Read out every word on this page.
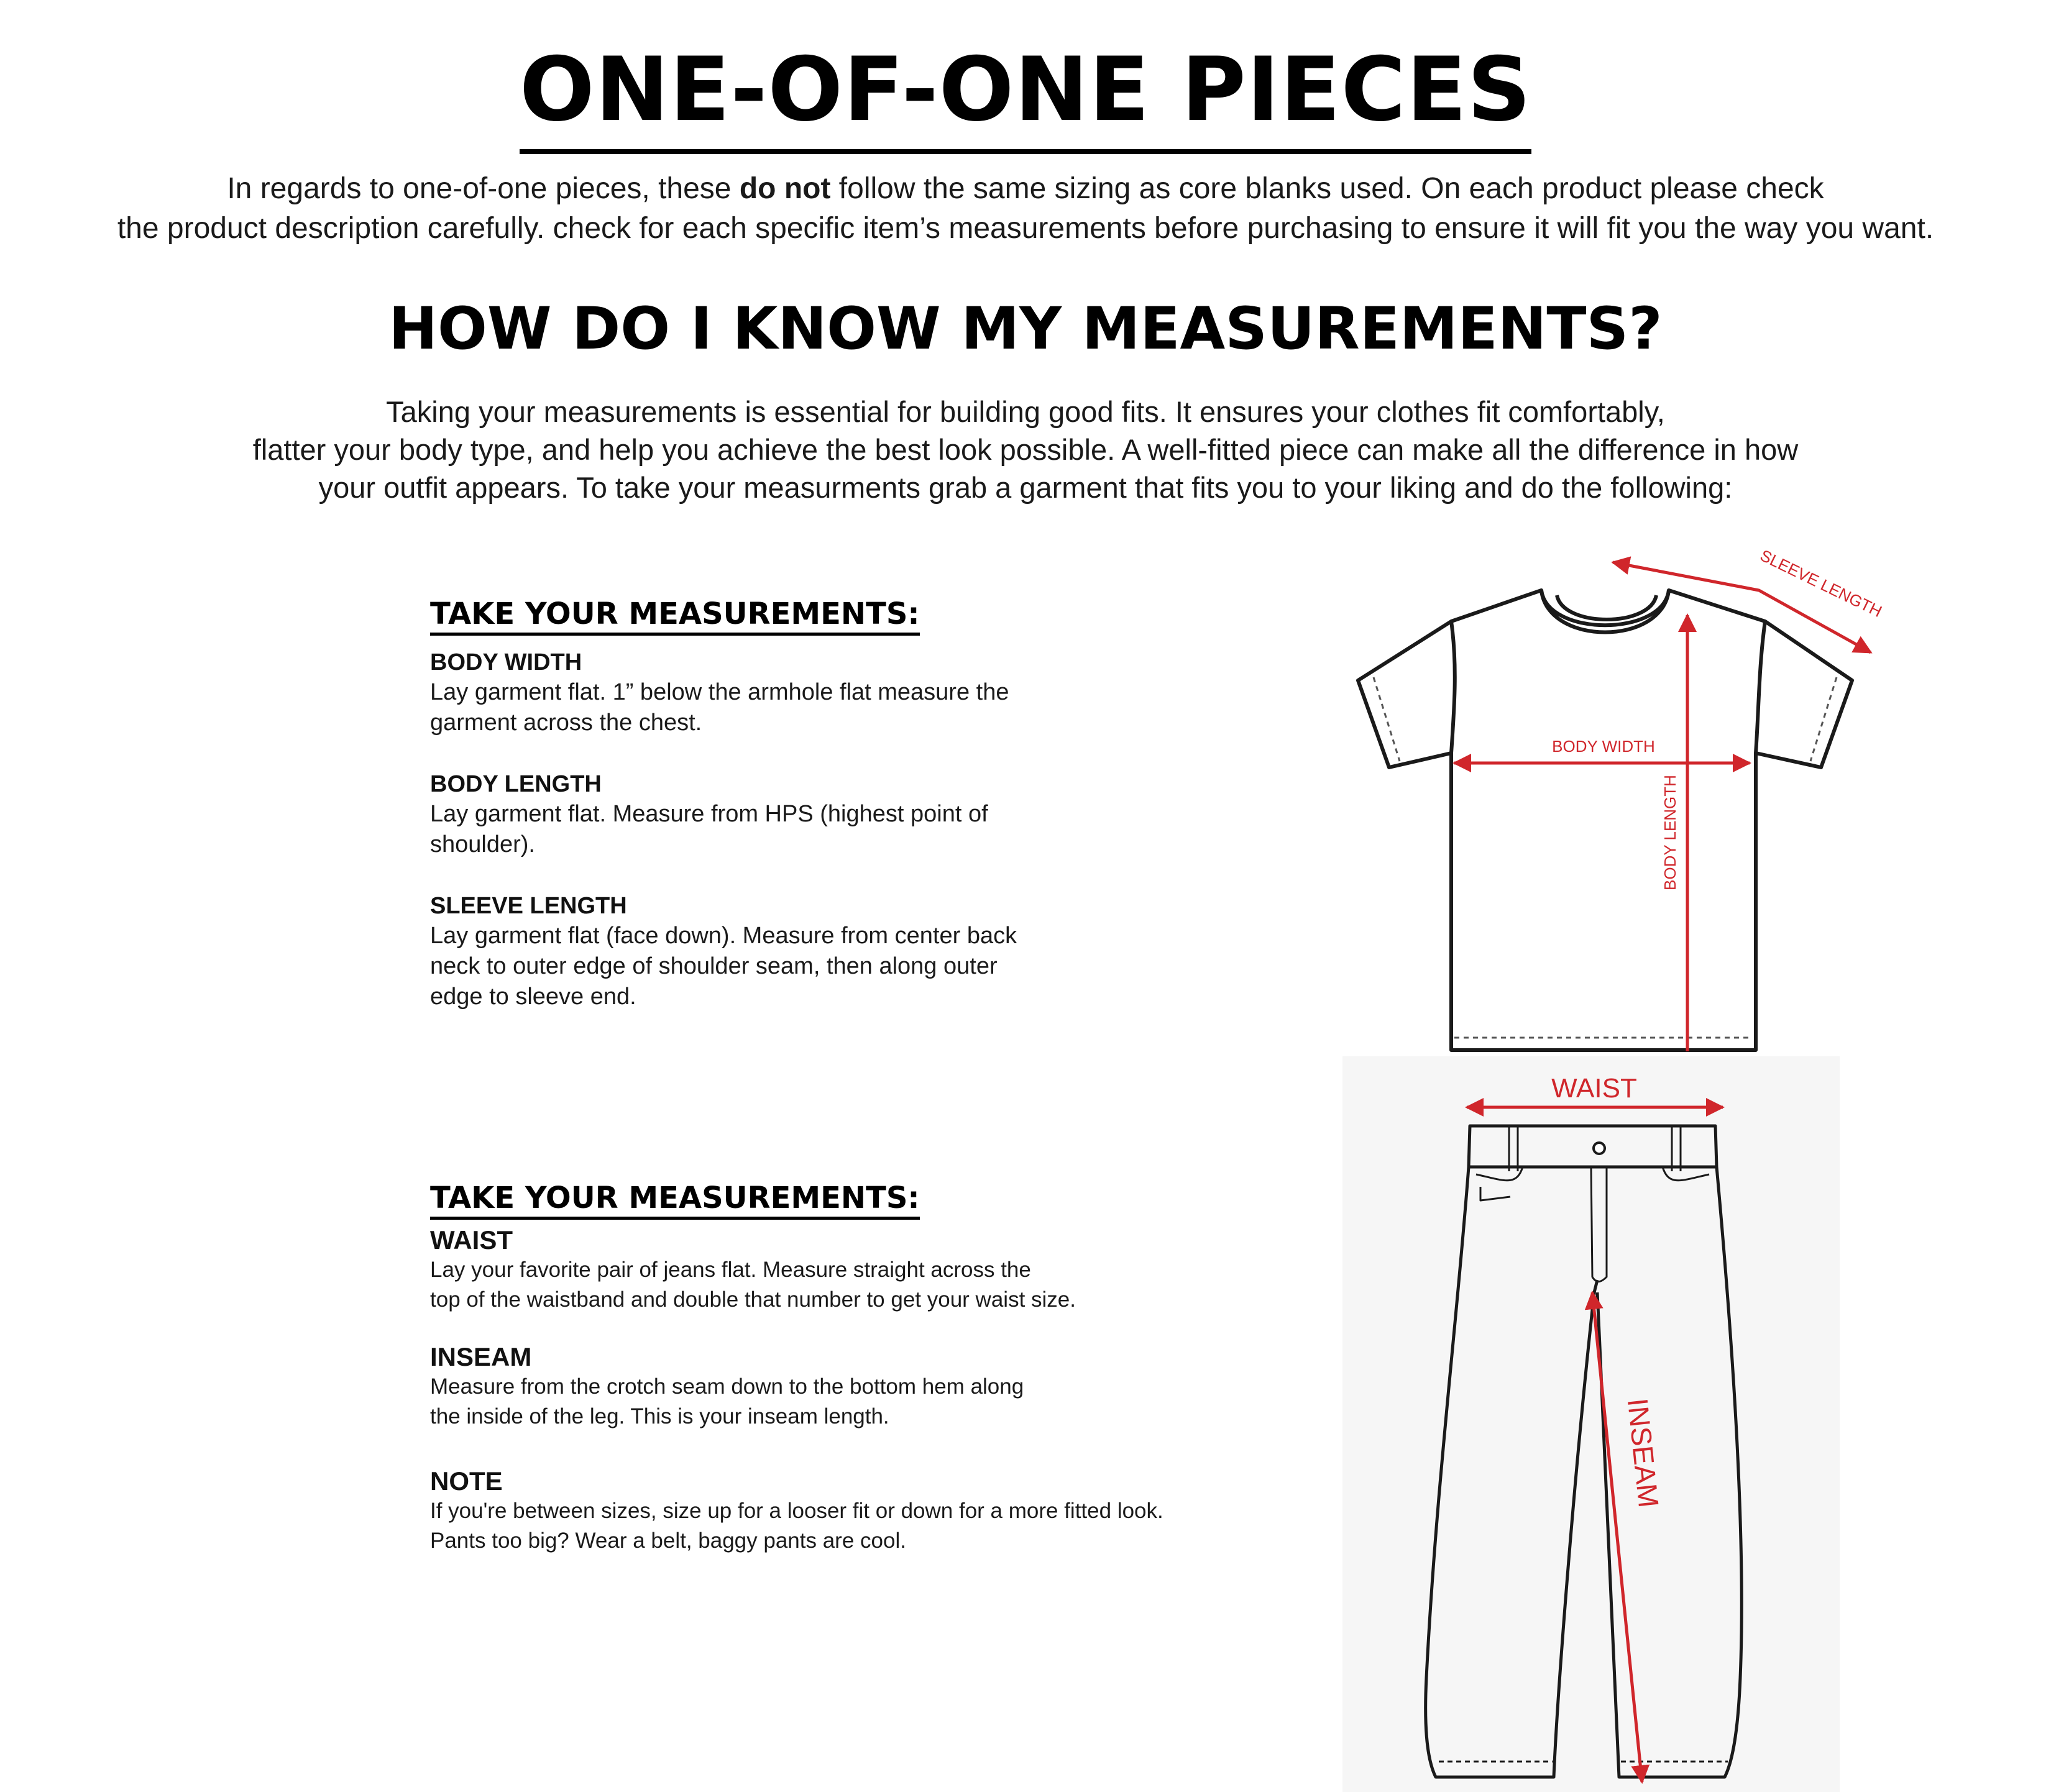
ONE-OF-ONE PIECES
In regards to one-of-one pieces, these do not follow the same sizing as core blanks used. On each product please check
the product description carefully. check for each specific item’s measurements before purchasing to ensure it will fit you the way you want.
HOW DO I KNOW MY MEASUREMENTS?
Taking your measurements is essential for building good fits. It ensures your clothes fit comfortably,
flatter your body type, and help you achieve the best look possible. A well-fitted piece can make all the difference in how
your outfit appears. To take your measurments grab a garment that fits you to your liking and do the following:
TAKE YOUR MEASUREMENTS:
BODY WIDTH
Lay garment flat. 1” below the armhole flat measure the
garment across the chest.
BODY LENGTH
Lay garment flat. Measure from HPS (highest point of
shoulder).
SLEEVE LENGTH
Lay garment flat (face down). Measure from center back
neck to outer edge of shoulder seam, then along outer
edge to sleeve end.
TAKE YOUR MEASUREMENTS:
WAIST
Lay your favorite pair of jeans flat. Measure straight across the
top of the waistband and double that number to get your waist size.
INSEAM
Measure from the crotch seam down to the bottom hem along
the inside of the leg. This is your inseam length.
NOTE
If you're between sizes, size up for a looser fit or down for a more fitted look.
Pants too big? Wear a belt, baggy pants are cool.
BODY WIDTH
BODY LENGTH
SLEEVE LENGTH
WAIST
INSEAM
